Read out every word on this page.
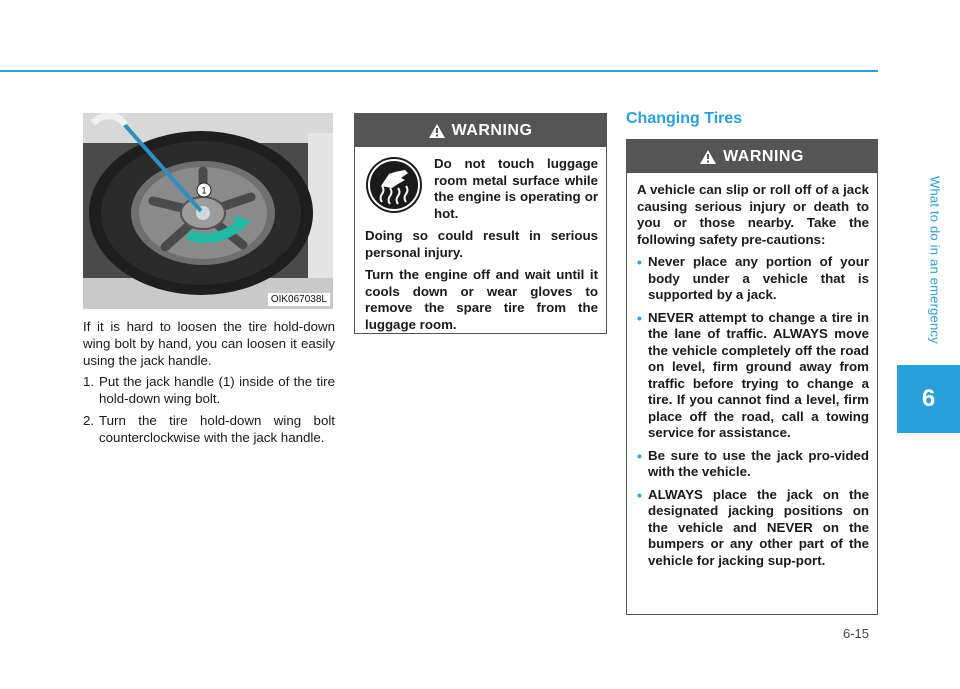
What to do in an emergency
6
1
OIK067038L

If it is hard to loosen the tire hold-down wing bolt by hand, you can loosen it easily using the jack handle.

1. Put the jack handle (1) inside of the tire hold-down wing bolt.
2. Turn the tire hold-down wing bolt counterclockwise with the jack handle.
WARNING

Do not touch luggage room metal surface while the engine is operating or hot.

Doing so could result in serious personal injury.

Turn the engine off and wait until it cools down or wear gloves to remove the spare tire from the luggage room.

Changing Tires
WARNING

A vehicle can slip or roll off of a jack causing serious injury or death to you or those nearby. Take the following safety pre-cautions:

• Never place any portion of your body under a vehicle that is supported by a jack.
• NEVER attempt to change a tire in the lane of traffic. ALWAYS move the vehicle completely off the road on level, firm ground away from traffic before trying to change a tire. If you cannot find a level, firm place off the road, call a towing service for assistance.
• Be sure to use the jack pro-vided with the vehicle.
• ALWAYS place the jack on the designated jacking positions on the vehicle and NEVER on the bumpers or any other part of the vehicle for jacking sup-port.
6-15
